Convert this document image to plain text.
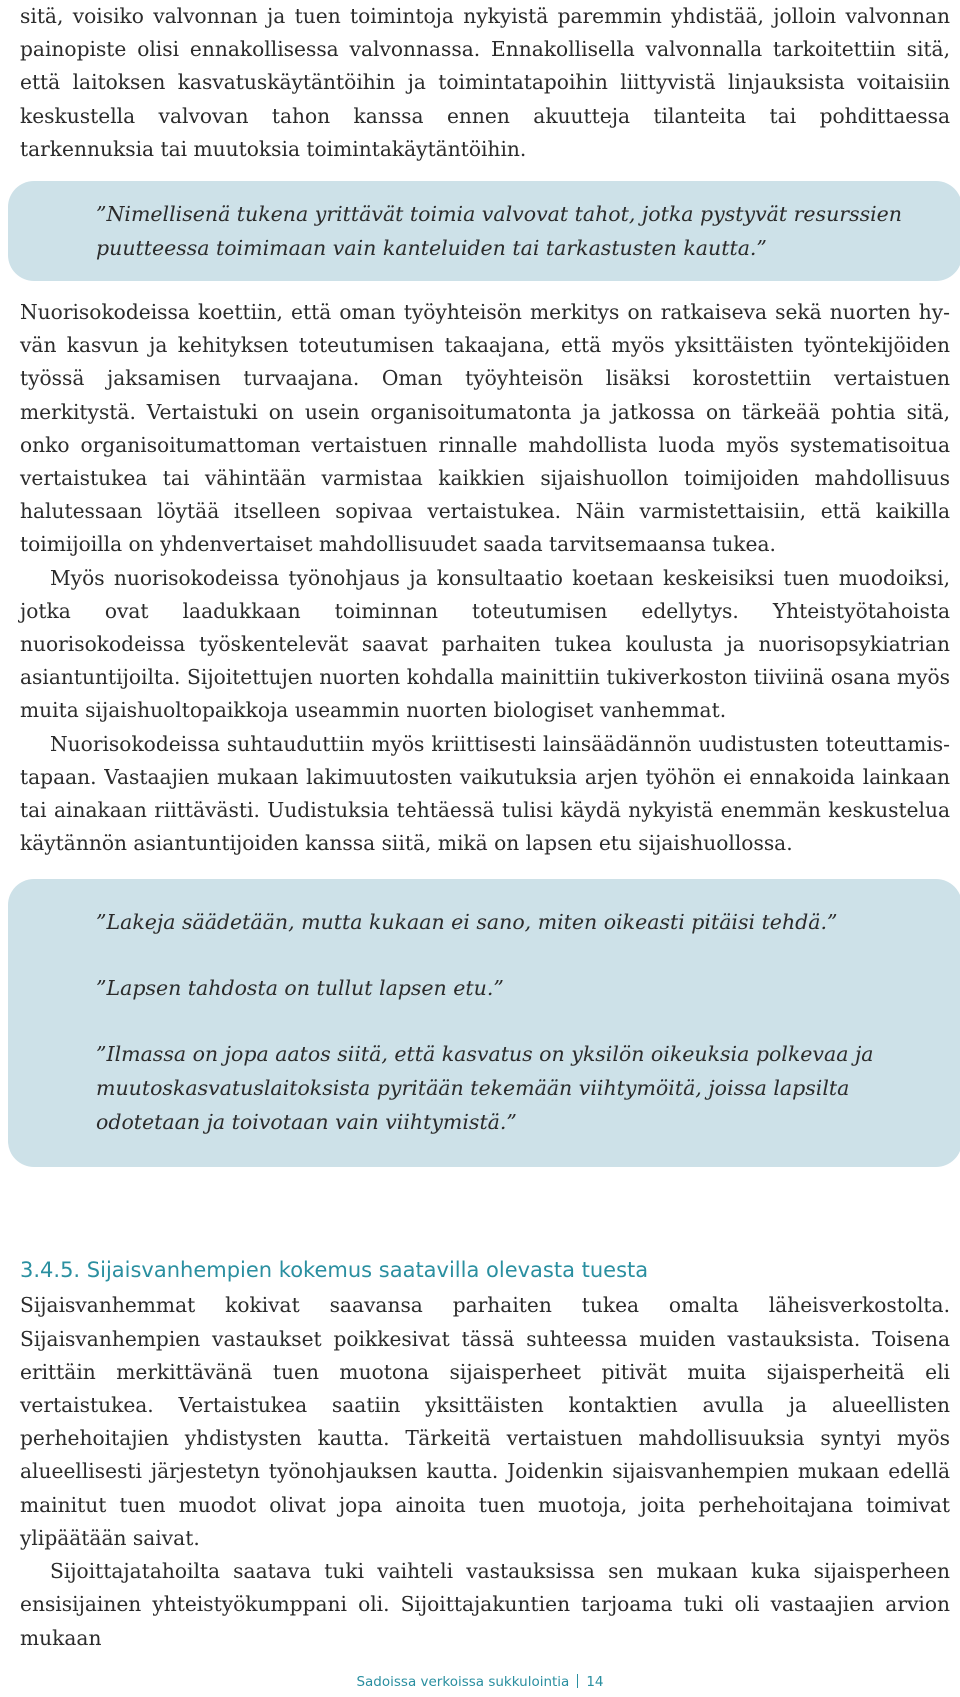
sitä, voisiko valvonnan ja tuen toimintoja nykyistä paremmin yhdistää, jolloin valvonnan painopiste olisi ennakollisessa valvonnassa. Ennakollisella valvonnalla tarkoitettiin sitä, että laitoksen kasvatuskäytäntöihin ja toimintatapoihin liittyvistä linjauksista voitaisiin keskustella valvovan tahon kanssa ennen akuutteja tilanteita tai pohdittaessa tarkennuksia tai muutoksia toimintakäytäntöihin.

”Nimellisenä tukena yrittävät toimia valvovat tahot, jotka pystyvät resurssien puutteessa toimimaan vain kanteluiden tai tarkastusten kautta.”

Nuorisokodeissa koettiin, että oman työyhteisön merkitys on ratkaiseva sekä nuorten hyvän kasvun ja kehityksen toteutumisen takaajana, että myös yksittäisten työntekijöiden työssä jaksamisen turvaajana. Oman työyhteisön lisäksi korostettiin vertaistuen merkitystä. Vertaistuki on usein organisoitumatonta ja jatkossa on tärkeää pohtia sitä, onko organisoitumattoman vertaistuen rinnalle mahdollista luoda myös systematisoitua vertaistukea tai vähintään varmistaa kaikkien sijaishuollon toimijoiden mahdollisuus halutessaan löytää itselleen sopivaa vertaistukea. Näin varmistettaisiin, että kaikilla toimijoilla on yhdenvertaiset mahdollisuudet saada tarvitsemaansa tukea.

Myös nuorisokodeissa työnohjaus ja konsultaatio koetaan keskeisiksi tuen muodoiksi, jotka ovat laadukkaan toiminnan toteutumisen edellytys. Yhteistyötahoista nuorisokodeissa työskentelevät saavat parhaiten tukea koulusta ja nuorisopsykiatrian asiantuntijoilta. Sijoitettujen nuorten kohdalla mainittiin tukiverkoston tiiviinä osana myös muita sijaishuoltopaikkoja useammin nuorten biologiset vanhemmat.

Nuorisokodeissa suhtauduttiin myös kriittisesti lainsäädännön uudistusten toteuttamistapaan. Vastaajien mukaan lakimuutosten vaikutuksia arjen työhön ei ennakoida lainkaan tai ainakaan riittävästi. Uudistuksia tehtäessä tulisi käydä nykyistä enemmän keskustelua käytännön asiantuntijoiden kanssa siitä, mikä on lapsen etu sijaishuollossa.

”Lakeja säädetään, mutta kukaan ei sano, miten oikeasti pitäisi tehdä.”

”Lapsen tahdosta on tullut lapsen etu.”

”Ilmassa on jopa aatos siitä, että kasvatus on yksilön oikeuksia polkevaa ja muutoskasvatuslaitoksista pyritään tekemään viihtymöitä, joissa lapsilta odotetaan ja toivotaan vain viihtymistä.”

3.4.5. Sijaisvanhempien kokemus saatavilla olevasta tuesta

Sijaisvanhemmat kokivat saavansa parhaiten tukea omalta läheisverkostolta. Sijaisvanhempien vastaukset poikkesivat tässä suhteessa muiden vastauksista. Toisena erittäin merkittävänä tuen muotona sijaisperheet pitivät muita sijaisperheitä eli vertaistukea. Vertaistukea saatiin yksittäisten kontaktien avulla ja alueellisten perhehoitajien yhdistysten kautta. Tärkeitä vertaistuen mahdollisuuksia syntyi myös alueellisesti järjestetyn työnohjauksen kautta. Joidenkin sijaisvanhempien mukaan edellä mainitut tuen muodot olivat jopa ainoita tuen muotoja, joita perhehoitajana toimivat ylipäätään saivat.

Sijoittajatahoilta saatava tuki vaihteli vastauksissa sen mukaan kuka sijaisperheen ensisijainen yhteistyökumppani oli. Sijoittajakuntien tarjoama tuki oli vastaajien arvion mukaan

Sadoissa verkoissa sukkulointia 14
